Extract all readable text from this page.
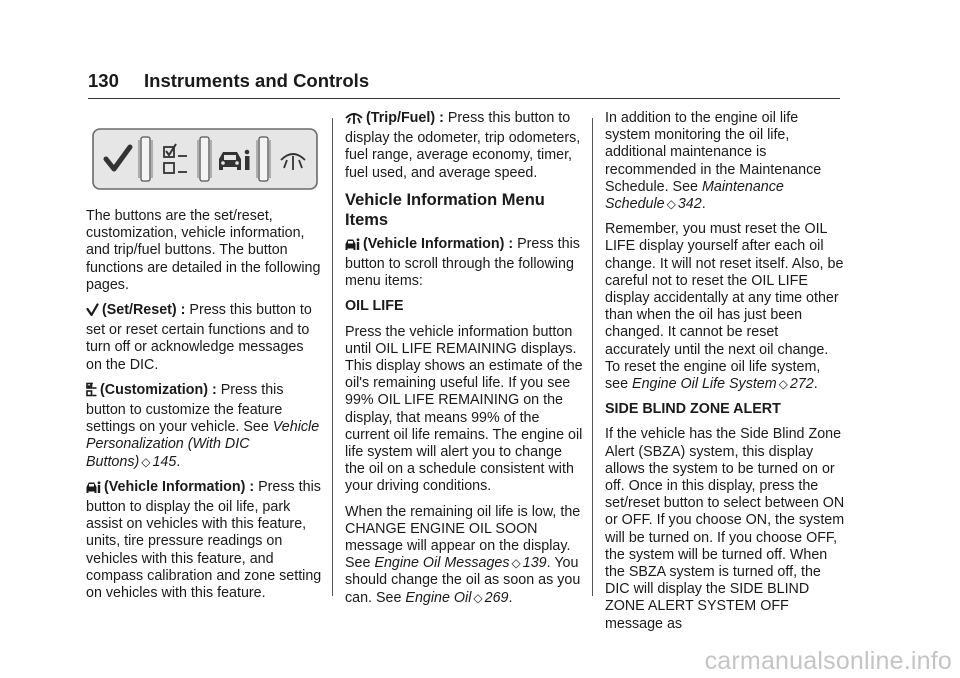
130 Instruments and Controls

The buttons are the set/reset, customization, vehicle information, and trip/fuel buttons. The button functions are detailed in the following pages.

(Set/Reset) : Press this button to set or reset certain functions and to turn off or acknowledge messages on the DIC.

(Customization) : Press this button to customize the feature settings on your vehicle. See Vehicle Personalization (With DIC Buttons) ◇ 145.

(Vehicle Information) : Press this button to display the oil life, park assist on vehicles with this feature, units, tire pressure readings on vehicles with this feature, and compass calibration and zone setting on vehicles with this feature.

(Trip/Fuel) : Press this button to display the odometer, trip odometers, fuel range, average economy, timer, fuel used, and average speed.

Vehicle Information Menu Items

(Vehicle Information) : Press this button to scroll through the following menu items:

OIL LIFE

Press the vehicle information button until OIL LIFE REMAINING displays. This display shows an estimate of the oil's remaining useful life. If you see 99% OIL LIFE REMAINING on the display, that means 99% of the current oil life remains. The engine oil life system will alert you to change the oil on a schedule consistent with your driving conditions.

When the remaining oil life is low, the CHANGE ENGINE OIL SOON message will appear on the display. See Engine Oil Messages ◇ 139. You should change the oil as soon as you can. See Engine Oil ◇ 269.

In addition to the engine oil life system monitoring the oil life, additional maintenance is recommended in the Maintenance Schedule. See Maintenance Schedule ◇ 342.

Remember, you must reset the OIL LIFE display yourself after each oil change. It will not reset itself. Also, be careful not to reset the OIL LIFE display accidentally at any time other than when the oil has just been changed. It cannot be reset accurately until the next oil change. To reset the engine oil life system, see Engine Oil Life System ◇ 272.

SIDE BLIND ZONE ALERT

If the vehicle has the Side Blind Zone Alert (SBZA) system, this display allows the system to be turned on or off. Once in this display, press the set/reset button to select between ON or OFF. If you choose ON, the system will be turned on. If you choose OFF, the system will be turned off. When the SBZA system is turned off, the DIC will display the SIDE BLIND ZONE ALERT SYSTEM OFF message as

carmanualsonline.info
